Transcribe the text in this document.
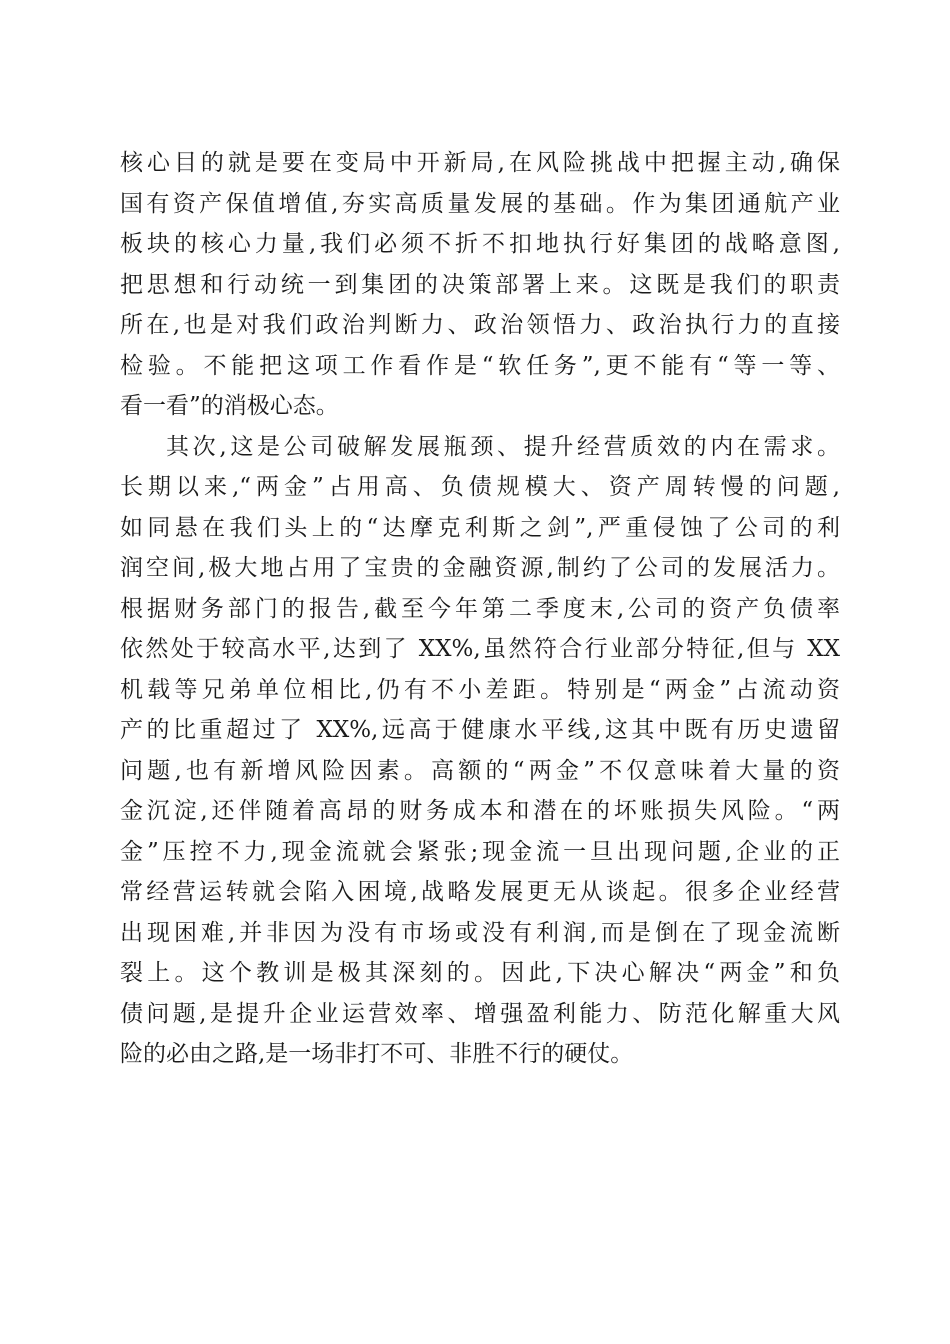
核心目的就是要在变局中开新局,在风险挑战中把握主动,确保
国有资产保值增值,夯实高质量发展的基础。作为集团通航产业
板块的核心力量,我们必须不折不扣地执行好集团的战略意图,
把思想和行动统一到集团的决策部署上来。这既是我们的职责
所在,也是对我们政治判断力、政治领悟力、政治执行力的直接
检验。不能把这项工作看作是“软任务”,更不能有“等一等、
看一看”的消极心态。
其次,这是公司破解发展瓶颈、提升经营质效的内在需求。
长期以来,“两金”占用高、负债规模大、资产周转慢的问题,
如同悬在我们头上的“达摩克利斯之剑”,严重侵蚀了公司的利
润空间,极大地占用了宝贵的金融资源,制约了公司的发展活力。
根据财务部门的报告,截至今年第二季度末,公司的资产负债率
依然处于较高水平,达到了 XX%,虽然符合行业部分特征,但与 XX
机载等兄弟单位相比,仍有不小差距。特别是“两金”占流动资
产的比重超过了 XX%,远高于健康水平线,这其中既有历史遗留
问题,也有新增风险因素。高额的“两金”不仅意味着大量的资
金沉淀,还伴随着高昂的财务成本和潜在的坏账损失风险。“两
金”压控不力,现金流就会紧张;现金流一旦出现问题,企业的正
常经营运转就会陷入困境,战略发展更无从谈起。很多企业经营
出现困难,并非因为没有市场或没有利润,而是倒在了现金流断
裂上。这个教训是极其深刻的。因此,下决心解决“两金”和负
债问题,是提升企业运营效率、增强盈利能力、防范化解重大风
险的必由之路,是一场非打不可、非胜不行的硬仗。
